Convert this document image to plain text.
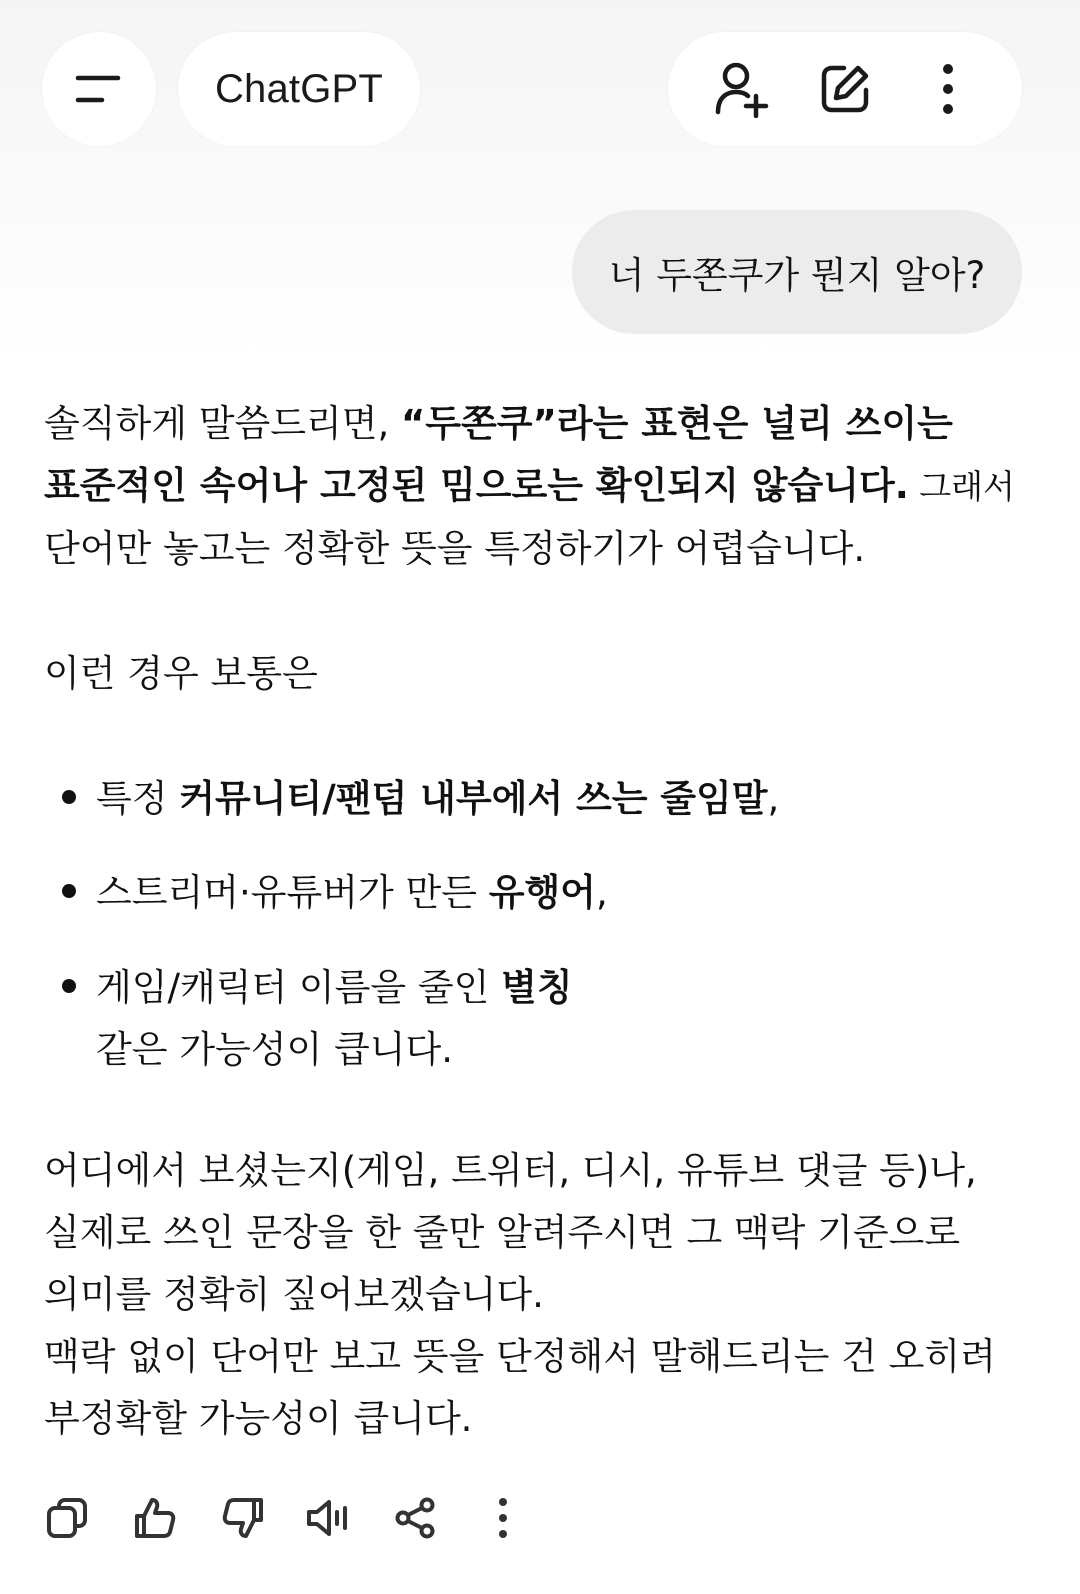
ChatGPT
너 두쫀쿠가 뭔지 알아?
솔직하게 말씀드리면, “두쫀쿠”라는 표현은 널리 쓰이는
표준적인 속어나 고정된 밈으로는 확인되지 않습니다. 그래서
단어만 놓고는 정확한 뜻을 특정하기가 어렵습니다.
이런 경우 보통은
특정 커뮤니티/팬덤 내부에서 쓰는 줄임말,
스트리머·유튜버가 만든 유행어,
게임/캐릭터 이름을 줄인 별칭
같은 가능성이 큽니다.
어디에서 보셨는지(게임, 트위터, 디시, 유튜브 댓글 등)나,
실제로 쓰인 문장을 한 줄만 알려주시면 그 맥락 기준으로
의미를 정확히 짚어보겠습니다.
맥락 없이 단어만 보고 뜻을 단정해서 말해드리는 건 오히려
부정확할 가능성이 큽니다.
